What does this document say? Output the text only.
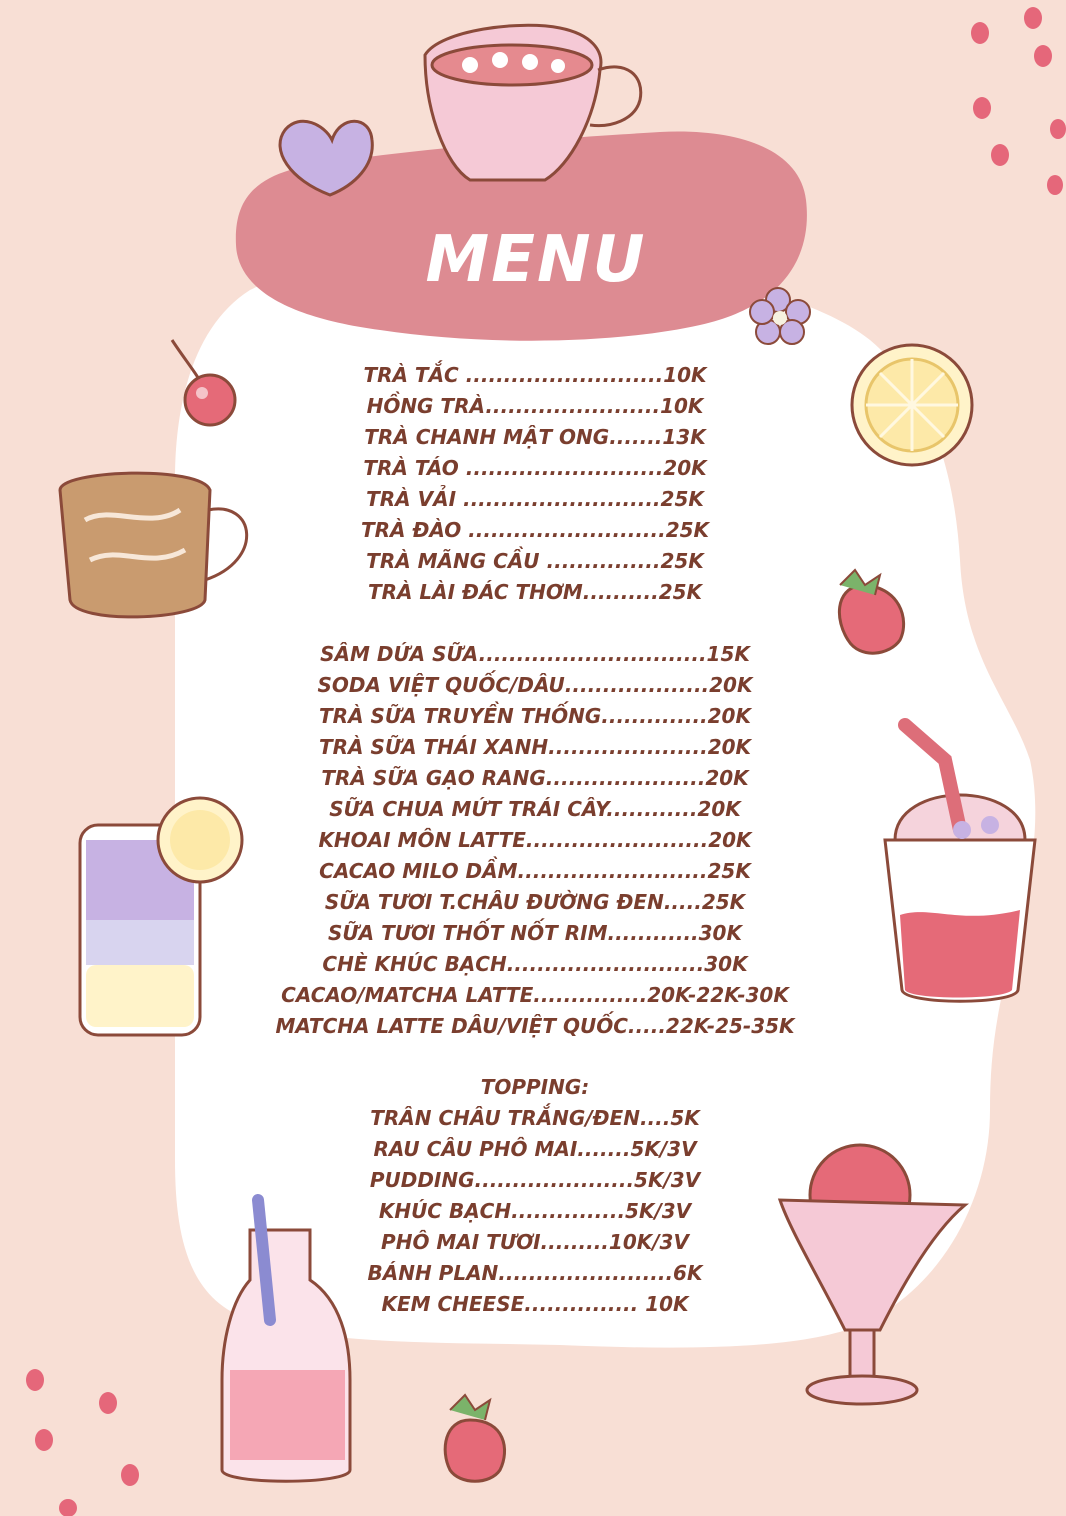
MENU
TRÀ TẮC ..........................10K
HỒNG TRÀ.......................10K
TRÀ CHANH MẬT ONG.......13K
TRÀ TÁO ..........................20K
TRÀ VẢI ..........................25K
TRÀ ĐÀO ..........................25K
TRÀ MÃNG CẦU ...............25K
TRÀ LÀI ĐÁC THƠM..........25K
SÂM DỨA SỮA..............................15K
SODA VIỆT QUỐC/DÂU...................20K
TRÀ SỮA TRUYỀN THỐNG..............20K
TRÀ SỮA THÁI XANH.....................20K
TRÀ SỮA GẠO RANG.....................20K
SỮA CHUA MỨT TRÁI CÂY............20K
KHOAI MÔN LATTE........................20K
CACAO MILO DẦM.........................25K
SỮA TƯƠI T.CHÂU ĐƯỜNG ĐEN.....25K
SỮA TƯƠI THỐT NỐT RIM............30K
CHÈ KHÚC BẠCH..........................30K
CACAO/MATCHA LATTE...............20K-22K-30K
MATCHA LATTE DÂU/VIỆT QUỐC.....22K-25-35K
TOPPING:
TRÂN CHÂU TRẮNG/ĐEN....5K
RAU CÂU PHÔ MAI.......5K/3V
PUDDING.....................5K/3V
KHÚC BẠCH...............5K/3V
PHÔ MAI TƯƠI.........10K/3V
BÁNH PLAN.......................6K
KEM CHEESE............... 10K
